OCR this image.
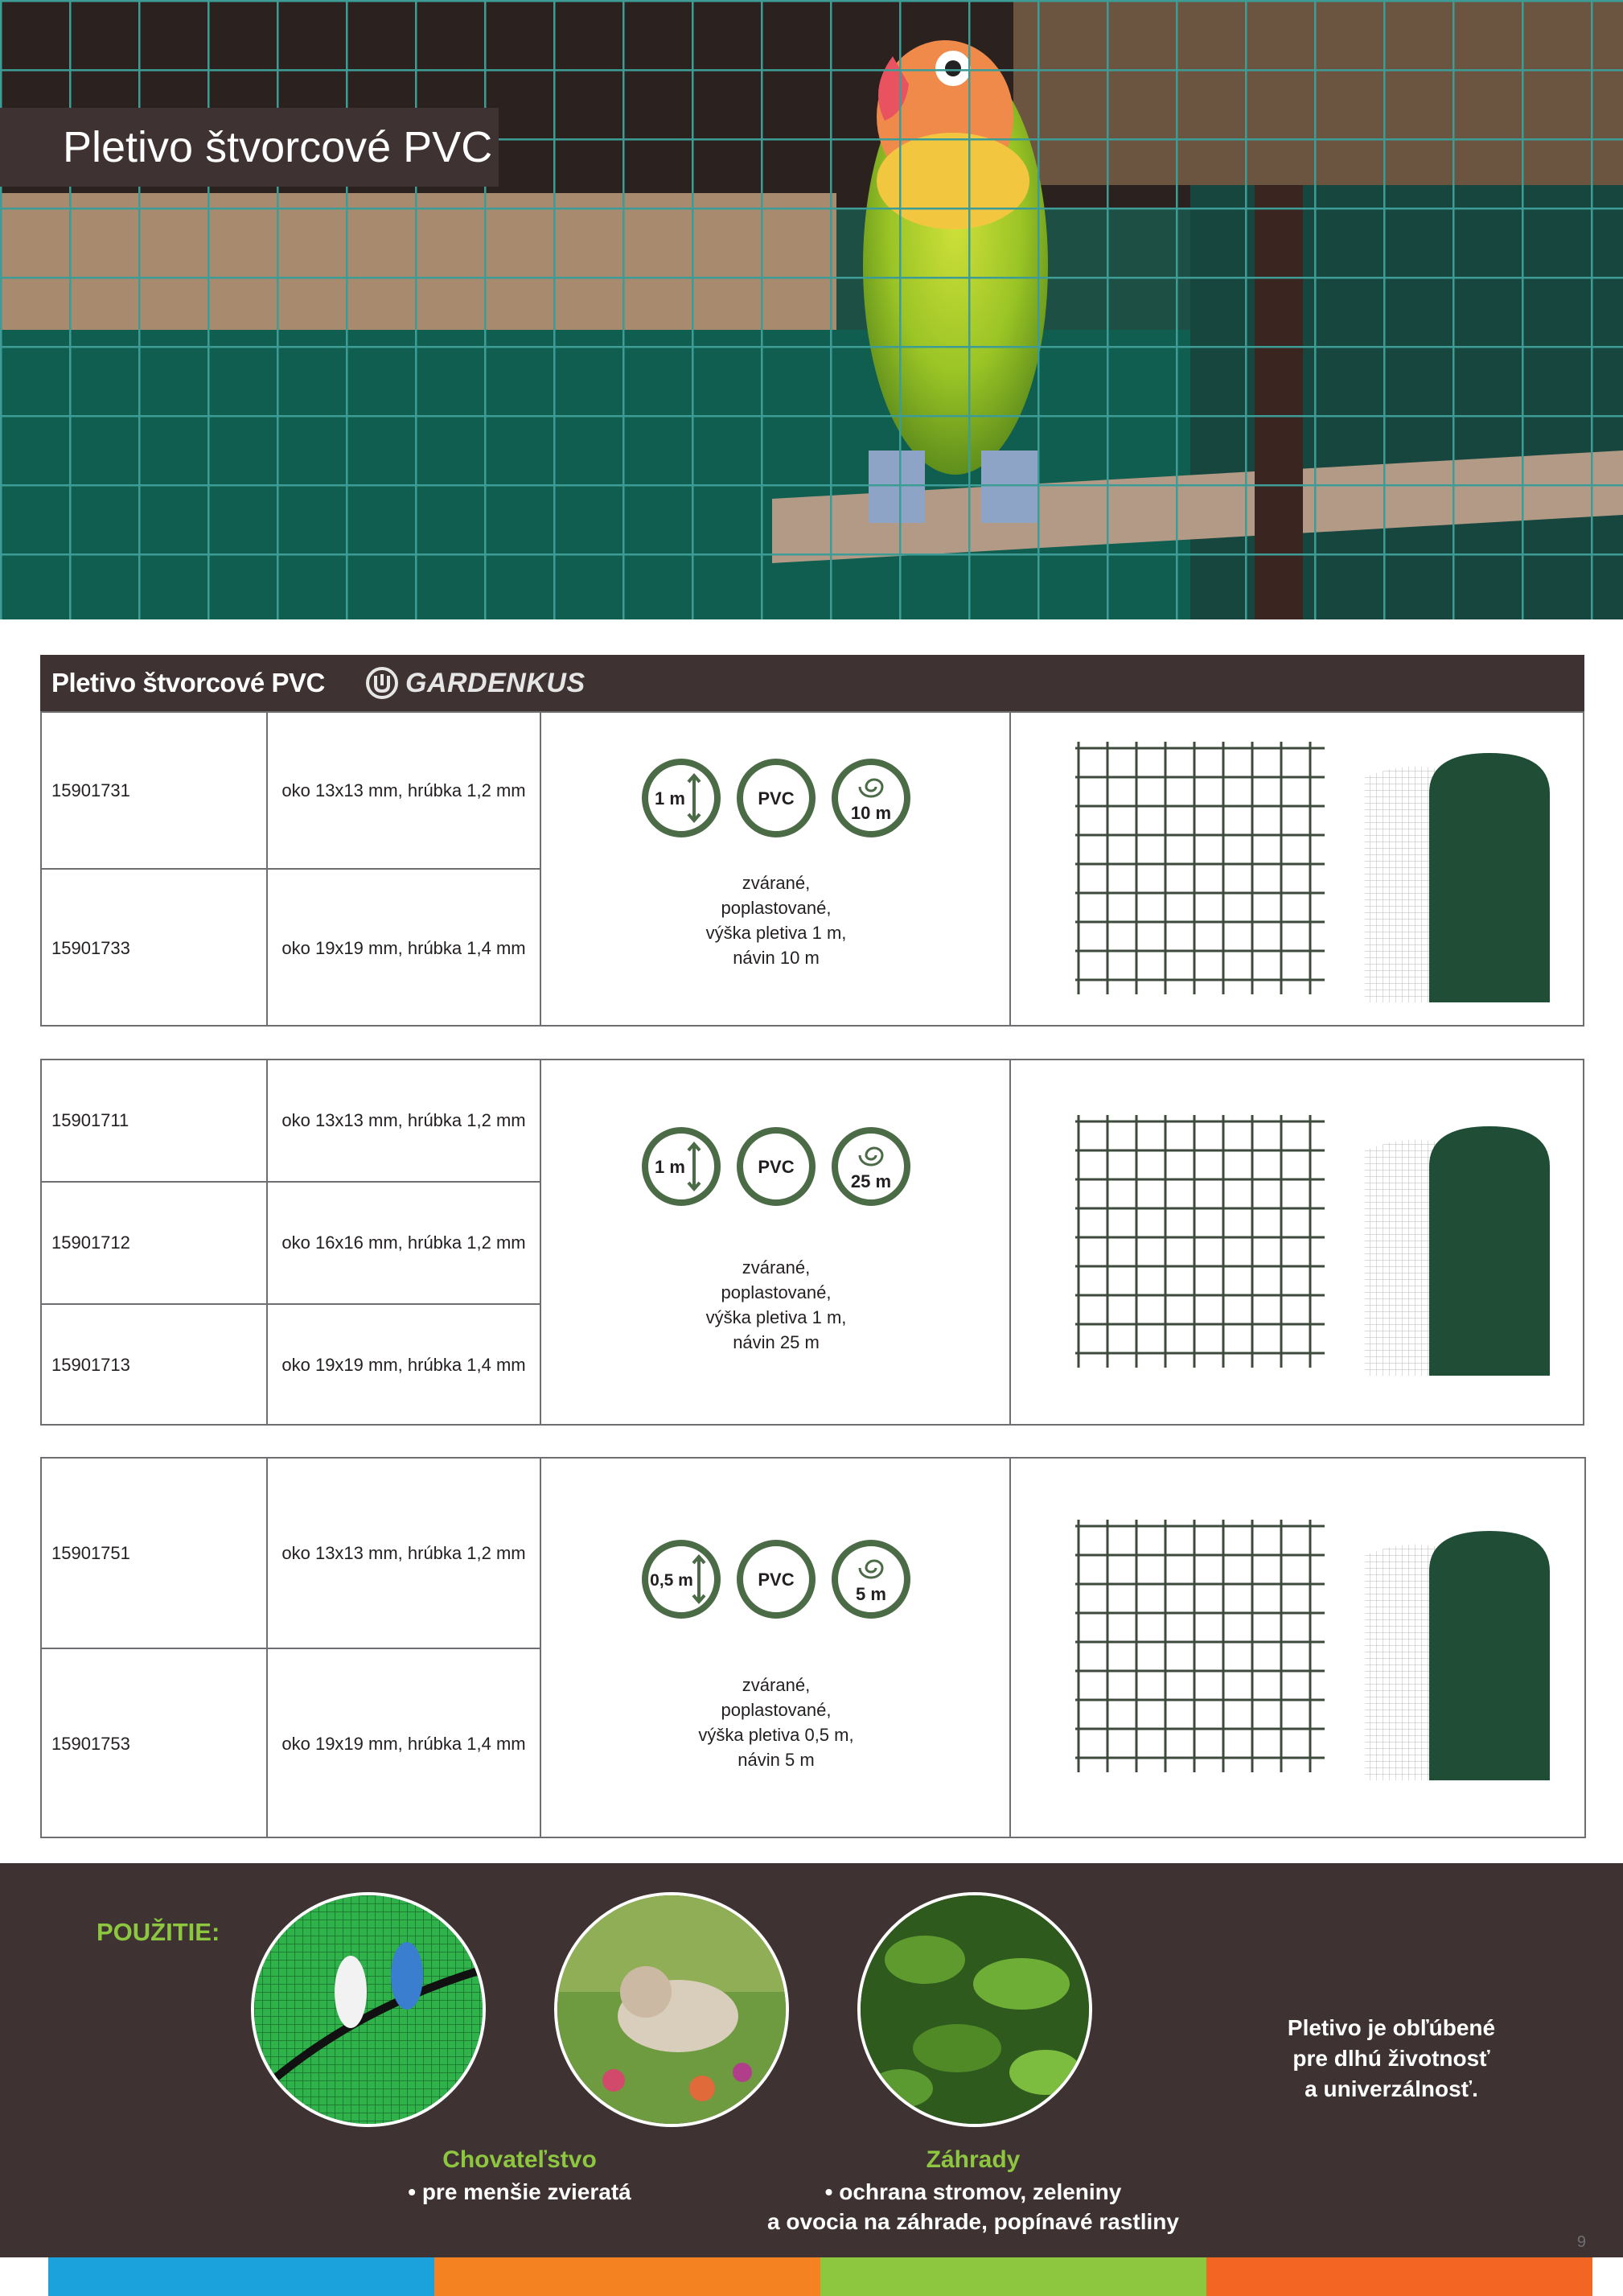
Pletivo štvorcové PVC
Pletivo štvorcové PVC	GARDENKUS
15901731	oko 13x13 mm, hrúbka 1,2 mm
15901733	oko 19x19 mm, hrúbka 1,4 mm
1 m	PVC
10 m
zvárané,
poplastované,
výška pletiva 1 m,
návin 10 m
15901711	oko 13x13 mm, hrúbka 1,2 mm
15901712	oko 16x16 mm, hrúbka 1,2 mm
15901713	oko 19x19 mm, hrúbka 1,4 mm
1 m	PVC
25 m
zvárané,
poplastované,
výška pletiva 1 m,
návin 25 m
15901751	oko 13x13 mm, hrúbka 1,2 mm
15901753	oko 19x19 mm, hrúbka 1,4 mm
0,5 m	PVC
5 m
zvárané,
poplastované,
výška pletiva 0,5 m,
návin 5 m
POUŽITIE:
Chovateľstvo
• pre menšie zvieratá
Záhrady
• ochrana stromov, zeleniny
a ovocia na záhrade, popínavé rastliny
Pletivo je obľúbené
pre dlhú životnosť
a univerzálnosť.
9
